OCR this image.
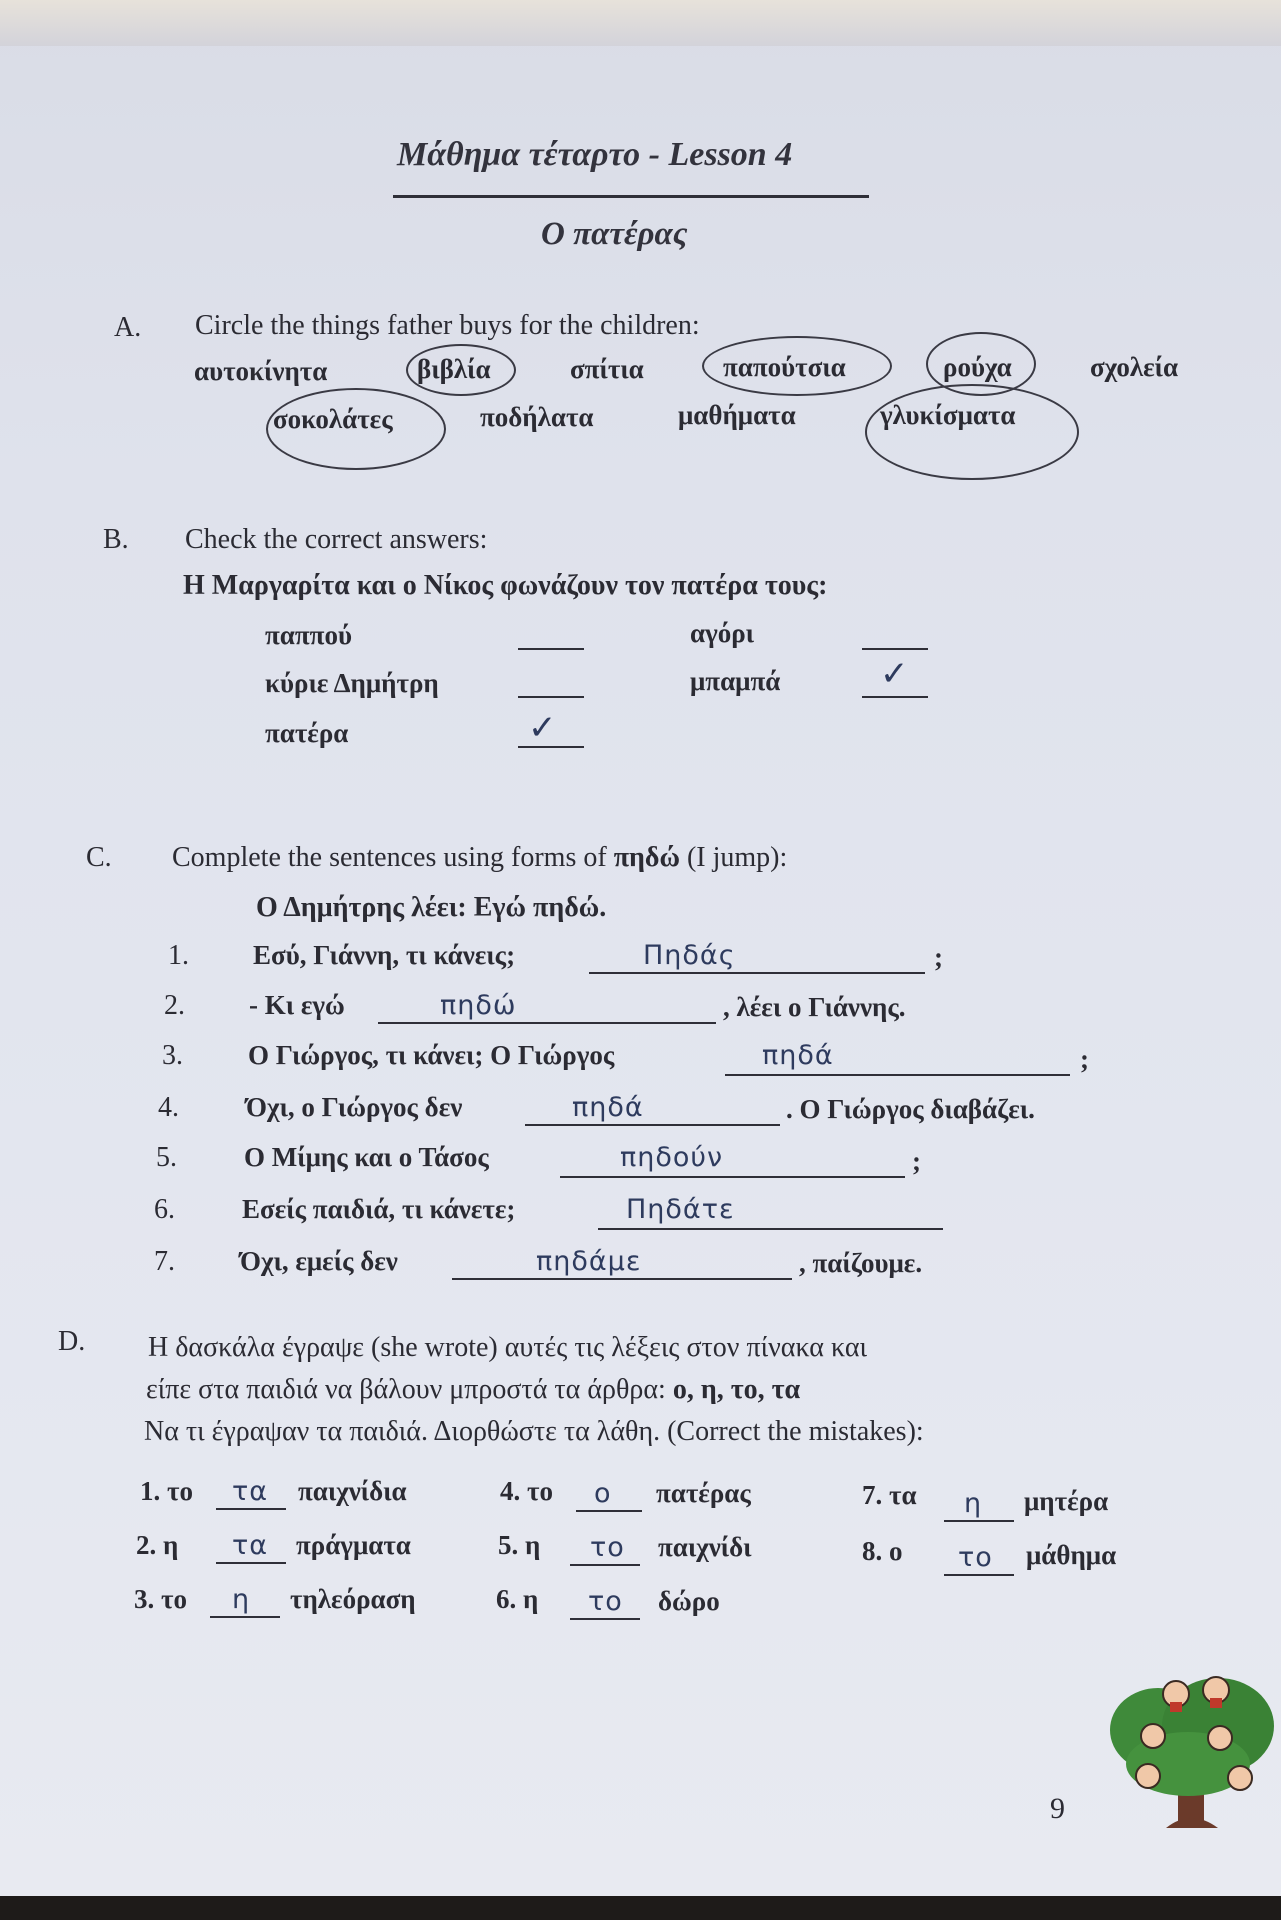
Μάθημα τέταρτο - Lesson 4
Ο πατέρας
A. Circle the things father buys for the children:
αυτοκίνητα	βιβλία	σπίτια	παπούτσια	ρούχα	σχολεία
σοκολάτες	ποδήλατα	μαθήματα	γλυκίσματα
B. Check the correct answers:
Η Μαργαρίτα και ο Νίκος φωνάζουν τον πατέρα τους:
παππού
κύριε Δημήτρη
πατέρα	✓
αγόρι
μπαμπά	✓
C. Complete the sentences using forms of πηδώ (I jump):
Ο Δημήτρης λέει: Εγώ πηδώ.
1. Εσύ, Γιάννη, τι κάνεις;	Πηδάς	;
2. - Κι εγώ	πηδώ	, λέει ο Γιάννης.
3. Ο Γιώργος, τι κάνει; Ο Γιώργος	πηδά	;
4. Όχι, ο Γιώργος δεν	πηδά	. Ο Γιώργος διαβάζει.
5. Ο Μίμης και ο Τάσος	πηδούν	;
6. Εσείς παιδιά, τι κάνετε;	Πηδάτε
7. Όχι, εμείς δεν	πηδάμε	, παίζουμε.
D. Η δασκάλα έγραψε (she wrote) αυτές τις λέξεις στον πίνακα και
είπε στα παιδιά να βάλουν μπροστά τα άρθρα: ο, η, το, τα
Να τι έγραψαν τα παιδιά. Διορθώστε τα λάθη. (Correct the mistakes):
1. το τα παιχνίδια
2. η τα πράγματα
3. το η τηλεόραση
4. το ο πατέρας
5. η το παιχνίδι
6. η το δώρο
7. τα η μητέρα
8. ο το μάθημα
9
